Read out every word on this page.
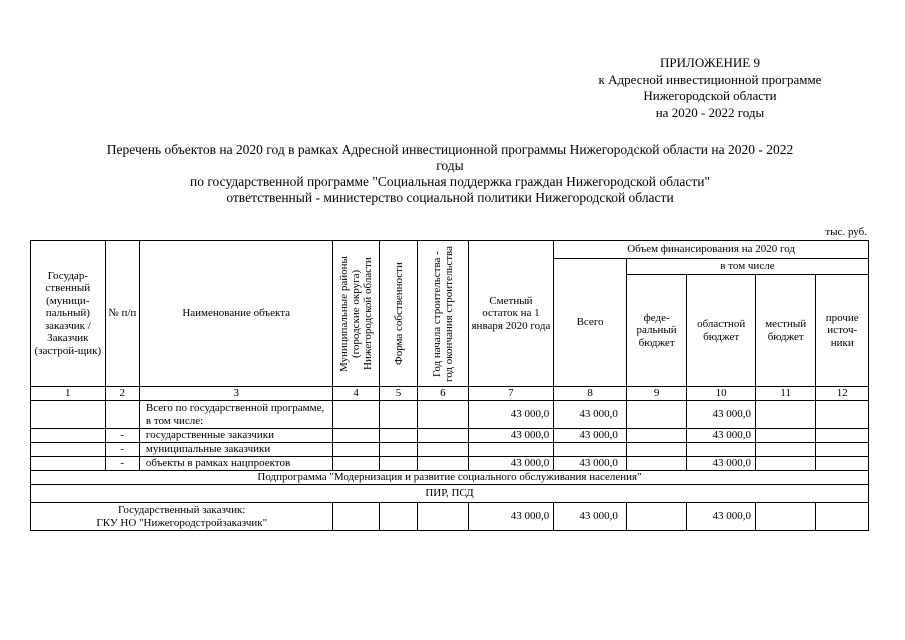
ПРИЛОЖЕНИЕ 9
к Адресной инвестиционной программе
Нижегородской области
на 2020 - 2022 годы
Перечень объектов на 2020 год в рамках Адресной инвестиционной программы Нижегородской области на 2020 - 2022
годы
по государственной программе "Социальная поддержка граждан Нижегородской области"
ответственный - министерство социальной политики Нижегородской области
тыс. руб.
Государ-ственный (муници-пальный) заказчик / Заказчик (застрой-щик)	№ п/п	Наименование объекта	Муниципальные районы (городские округа) Нижегородской области	Форма собственности	Год начала строительства - год окончания строительства	Сметный остаток на 1 января 2020 года	Объем финансирования на 2020 год				
							Всего	в том числе			
								феде-ральный бюджет	областной бюджет	местный бюджет	прочие источ-ники
1	2	3	4	5	6	7	8	9	10	11	12
		Всего по государственной программе, в том числе:				43 000,0	43 000,0		43 000,0		
	-	государственные заказчики				43 000,0	43 000,0		43 000,0		
	-	муниципальные заказчики									
	-	объекты в рамках нацпроектов				43 000,0	43 000,0		43 000,0		
Подпрограмма "Модернизация и развитие социального обслуживания населения"											
ПИР, ПСД											

Государственный заказчик:
ГКУ НО "Нижегородстройзаказчик"						43 000,0	43 000,0		43 000,0		
